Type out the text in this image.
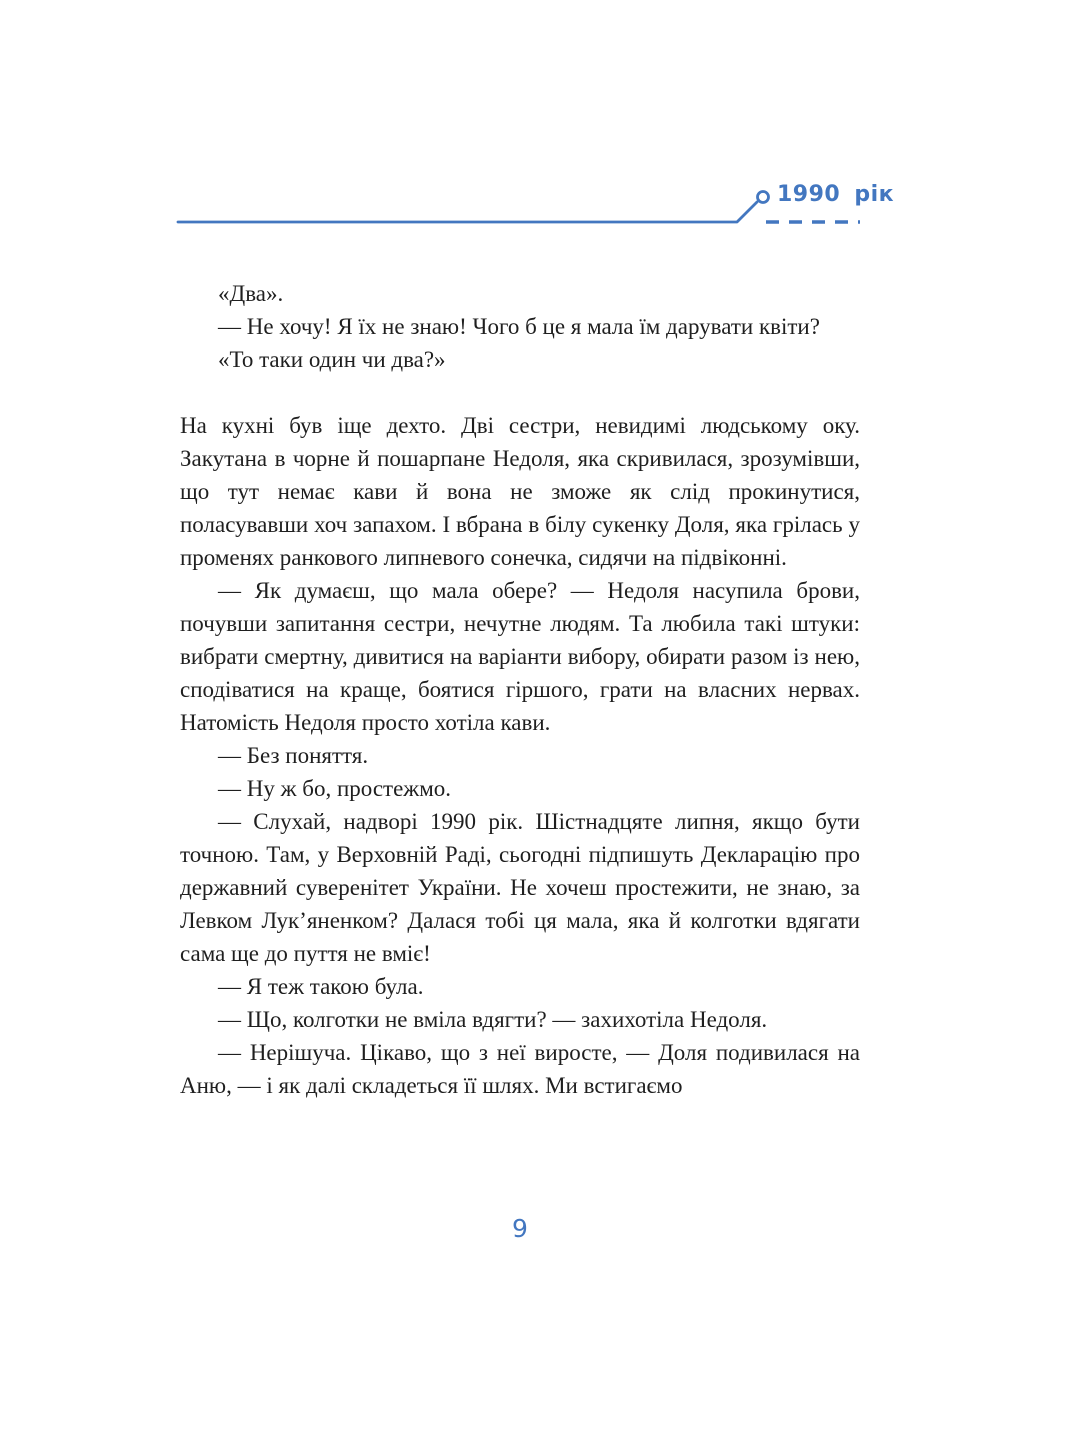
1990 рік

«Два».

— Не хочу! Я їх не знаю! Чого б це я мала їм дарувати квіти?

«То таки один чи два?»

На кухні був іще дехто. Дві сестри, невидимі людському оку. Закутана в чорне й пошарпане Недоля, яка скривилася, зрозумівши, що тут немає кави й вона не зможе як слід прокинутися, поласувавши хоч запахом. І вбрана в білу сукенку Доля, яка грілась у променях ранкового липневого сонечка, сидячи на підвіконні.

— Як думаєш, що мала обере? — Недоля насупила брови, почувши запитання сестри, нечутне людям. Та любила такі штуки: вибрати смертну, дивитися на варіанти вибору, обирати разом із нею, сподіватися на краще, боятися гіршого, грати на власних нервах. Натомість Недоля просто хотіла кави.

— Без поняття.

— Ну ж бо, простежмо.

— Слухай, надворі 1990 рік. Шістнадцяте липня, якщо бути точною. Там, у Верховній Раді, сьогодні підпишуть Декларацію про державний суверенітет України. Не хочеш простежити, не знаю, за Левком Лук’яненком? Далася тобі ця мала, яка й колготки вдягати сама ще до пуття не вміє!

— Я теж такою була.

— Що, колготки не вміла вдягти? — захихотіла Недоля.

— Нерішуча. Цікаво, що з неї виросте, — Доля подивилася на Аню, — і як далі складеться її шлях. Ми встигаємо

9
